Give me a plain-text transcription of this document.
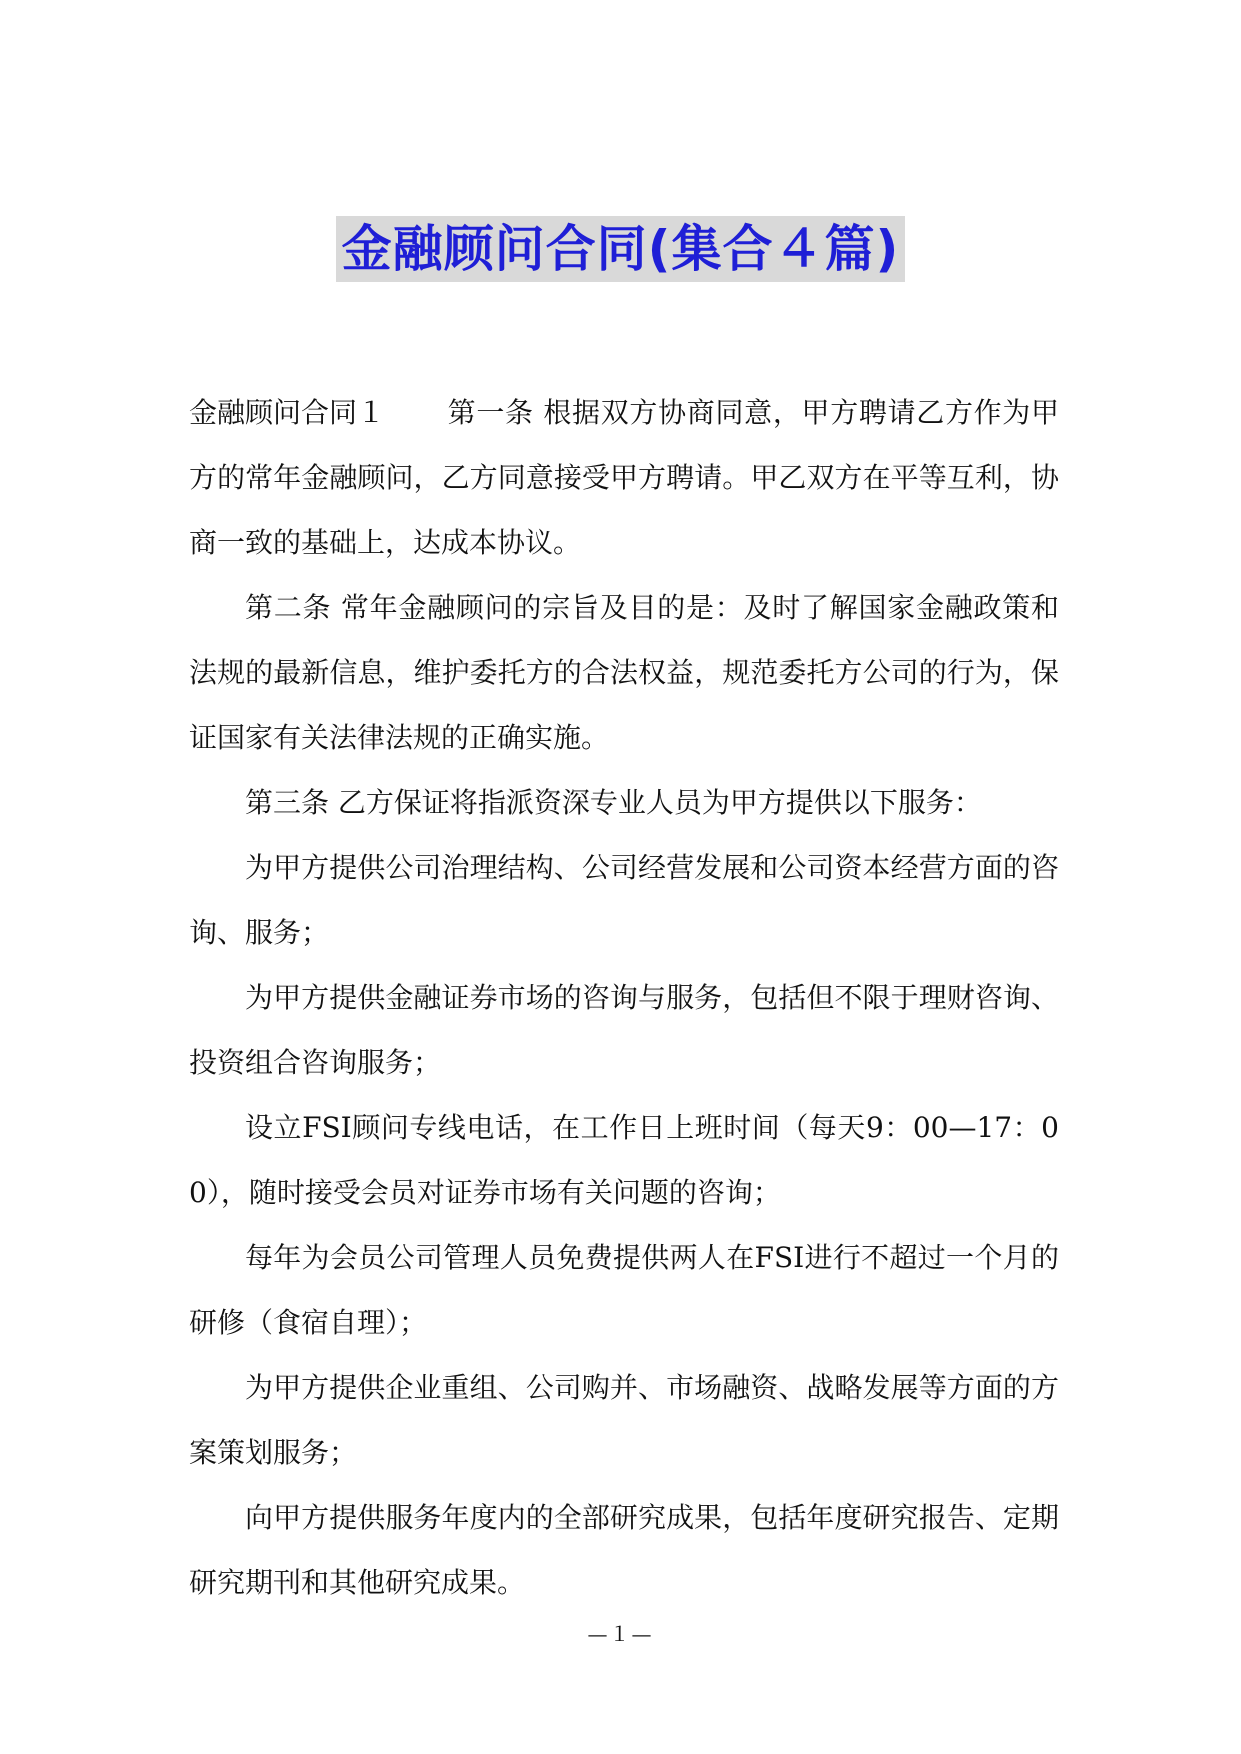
金融顾问合同(集合４篇)

金融顾问合同１ 第一条 根据双方协商同意，甲方聘请乙方作为甲方的常年金融顾问，乙方同意接受甲方聘请。甲乙双方在平等互利，协商一致的基础上，达成本协议。

第二条 常年金融顾问的宗旨及目的是：及时了解国家金融政策和法规的最新信息，维护委托方的合法权益，规范委托方公司的行为，保证国家有关法律法规的正确实施。

第三条 乙方保证将指派资深专业人员为甲方提供以下服务：

为甲方提供公司治理结构、公司经营发展和公司资本经营方面的咨询、服务；

为甲方提供金融证券市场的咨询与服务，包括但不限于理财咨询、投资组合咨询服务；

设立FSI顾问专线电话，在工作日上班时间（每天9：00—17：00），随时接受会员对证券市场有关问题的咨询；

每年为会员公司管理人员免费提供两人在FSI进行不超过一个月的研修（食宿自理）；

为甲方提供企业重组、公司购并、市场融资、战略发展等方面的方案策划服务；

向甲方提供服务年度内的全部研究成果，包括年度研究报告、定期研究期刊和其他研究成果。

—１—
